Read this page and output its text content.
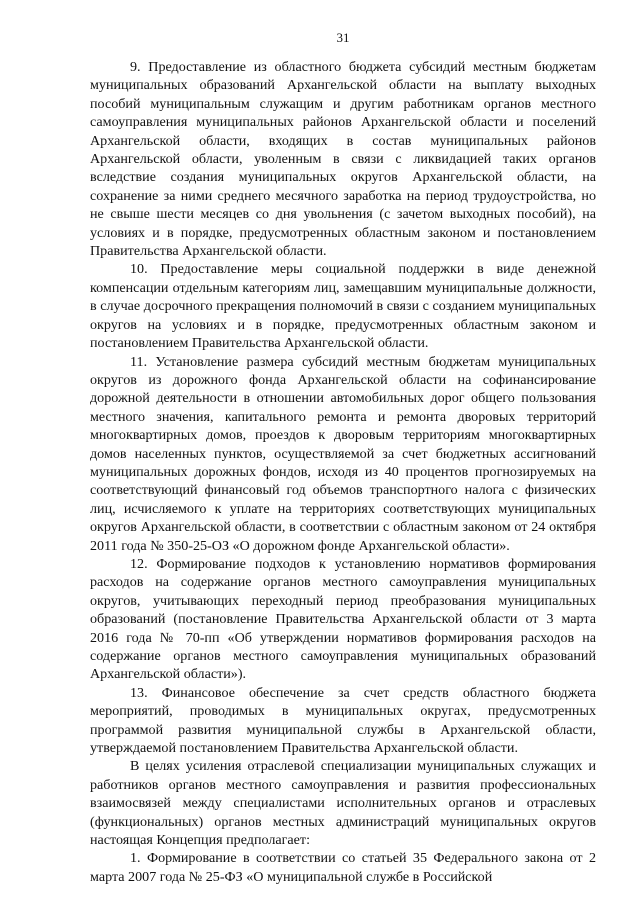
31

9. Предоставление из областного бюджета субсидий местным бюджетам муниципальных образований Архангельской области на выплату выходных пособий муниципальным служащим и другим работникам органов местного самоуправления муниципальных районов Архангельской области и поселений Архангельской области, входящих в состав муниципальных районов Архангельской области, уволенным в связи с ликвидацией таких органов вследствие создания муниципальных округов Архангельской области, на сохранение за ними среднего месячного заработка на период трудоустройства, но не свыше шести месяцев со дня увольнения (с зачетом выходных пособий), на условиях и в порядке, предусмотренных областным законом и постановлением Правительства Архангельской области.

10. Предоставление меры социальной поддержки в виде денежной компенсации отдельным категориям лиц, замещавшим муниципальные должности, в случае досрочного прекращения полномочий в связи с созданием муниципальных округов на условиях и в порядке, предусмотренных областным законом и постановлением Правительства Архангельской области.

11. Установление размера субсидий местным бюджетам муниципальных округов из дорожного фонда Архангельской области на софинансирование дорожной деятельности в отношении автомобильных дорог общего пользования местного значения, капитального ремонта и ремонта дворовых территорий многоквартирных домов, проездов к дворовым территориям многоквартирных домов населенных пунктов, осуществляемой за счет бюджетных ассигнований муниципальных дорожных фондов, исходя из 40 процентов прогнозируемых на соответствующий финансовый год объемов транспортного налога с физических лиц, исчисляемого к уплате на территориях соответствующих муниципальных округов Архангельской области, в соответствии с областным законом от 24 октября 2011 года № 350-25-ОЗ «О дорожном фонде Архангельской области».

12. Формирование подходов к установлению нормативов формирования расходов на содержание органов местного самоуправления муниципальных округов, учитывающих переходный период преобразования муниципальных образований (постановление Правительства Архангельской области от 3 марта 2016 года № 70-пп «Об утверждении нормативов формирования расходов на содержание органов местного самоуправления муниципальных образований Архангельской области»).

13. Финансовое обеспечение за счет средств областного бюджета мероприятий, проводимых в муниципальных округах, предусмотренных программой развития муниципальной службы в Архангельской области, утверждаемой постановлением Правительства Архангельской области.

В целях усиления отраслевой специализации муниципальных служащих и работников органов местного самоуправления и развития профессиональных взаимосвязей между специалистами исполнительных органов и отраслевых (функциональных) органов местных администраций муниципальных округов настоящая Концепция предполагает:

1. Формирование в соответствии со статьей 35 Федерального закона от 2 марта 2007 года № 25-ФЗ «О муниципальной службе в Российской
